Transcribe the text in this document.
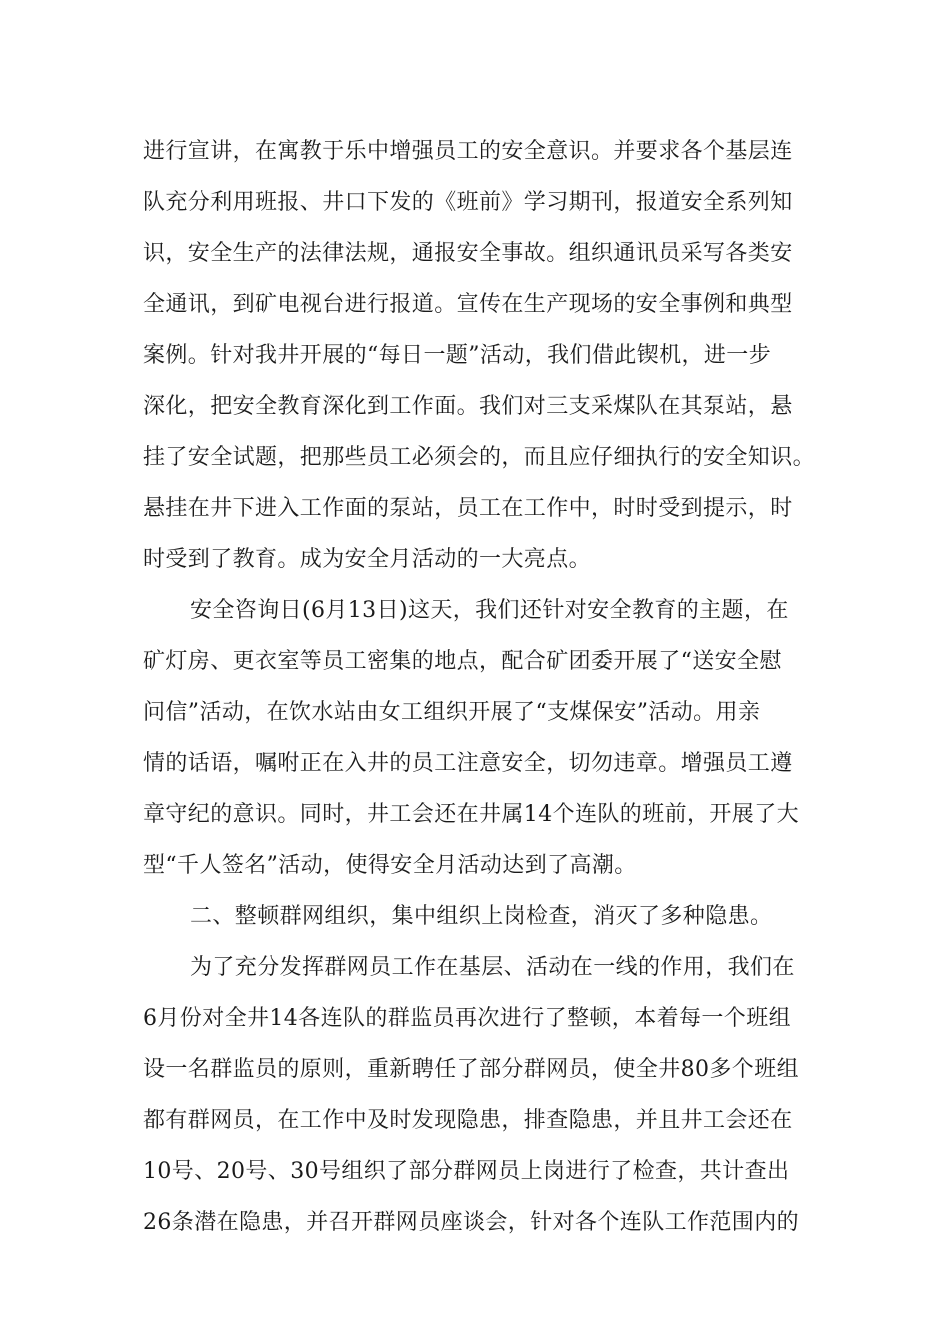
进行宣讲，在寓教于乐中增强员工的安全意识。并要求各个基层连
队充分利用班报、井口下发的《班前》学习期刊，报道安全系列知
识，安全生产的法律法规，通报安全事故。组织通讯员采写各类安
全通讯，到矿电视台进行报道。宣传在生产现场的安全事例和典型
案例。针对我井开展的“每日一题”活动，我们借此锲机，进一步
深化，把安全教育深化到工作面。我们对三支采煤队在其泵站，悬
挂了安全试题，把那些员工必须会的，而且应仔细执行的安全知识。
悬挂在井下进入工作面的泵站，员工在工作中，时时受到提示，时
时受到了教育。成为安全月活动的一大亮点。
安全咨询日(6月13日)这天，我们还针对安全教育的主题，在
矿灯房、更衣室等员工密集的地点，配合矿团委开展了“送安全慰
问信”活动，在饮水站由女工组织开展了“支煤保安”活动。用亲
情的话语，嘱咐正在入井的员工注意安全，切勿违章。增强员工遵
章守纪的意识。同时，井工会还在井属14个连队的班前，开展了大
型“千人签名”活动，使得安全月活动达到了高潮。
二、整顿群网组织，集中组织上岗检查，消灭了多种隐患。
为了充分发挥群网员工作在基层、活动在一线的作用，我们在
6月份对全井14各连队的群监员再次进行了整顿，本着每一个班组
设一名群监员的原则，重新聘任了部分群网员，使全井80多个班组
都有群网员，在工作中及时发现隐患，排查隐患，并且井工会还在
10号、20号、30号组织了部分群网员上岗进行了检查，共计查出
26条潜在隐患，并召开群网员座谈会，针对各个连队工作范围内的
